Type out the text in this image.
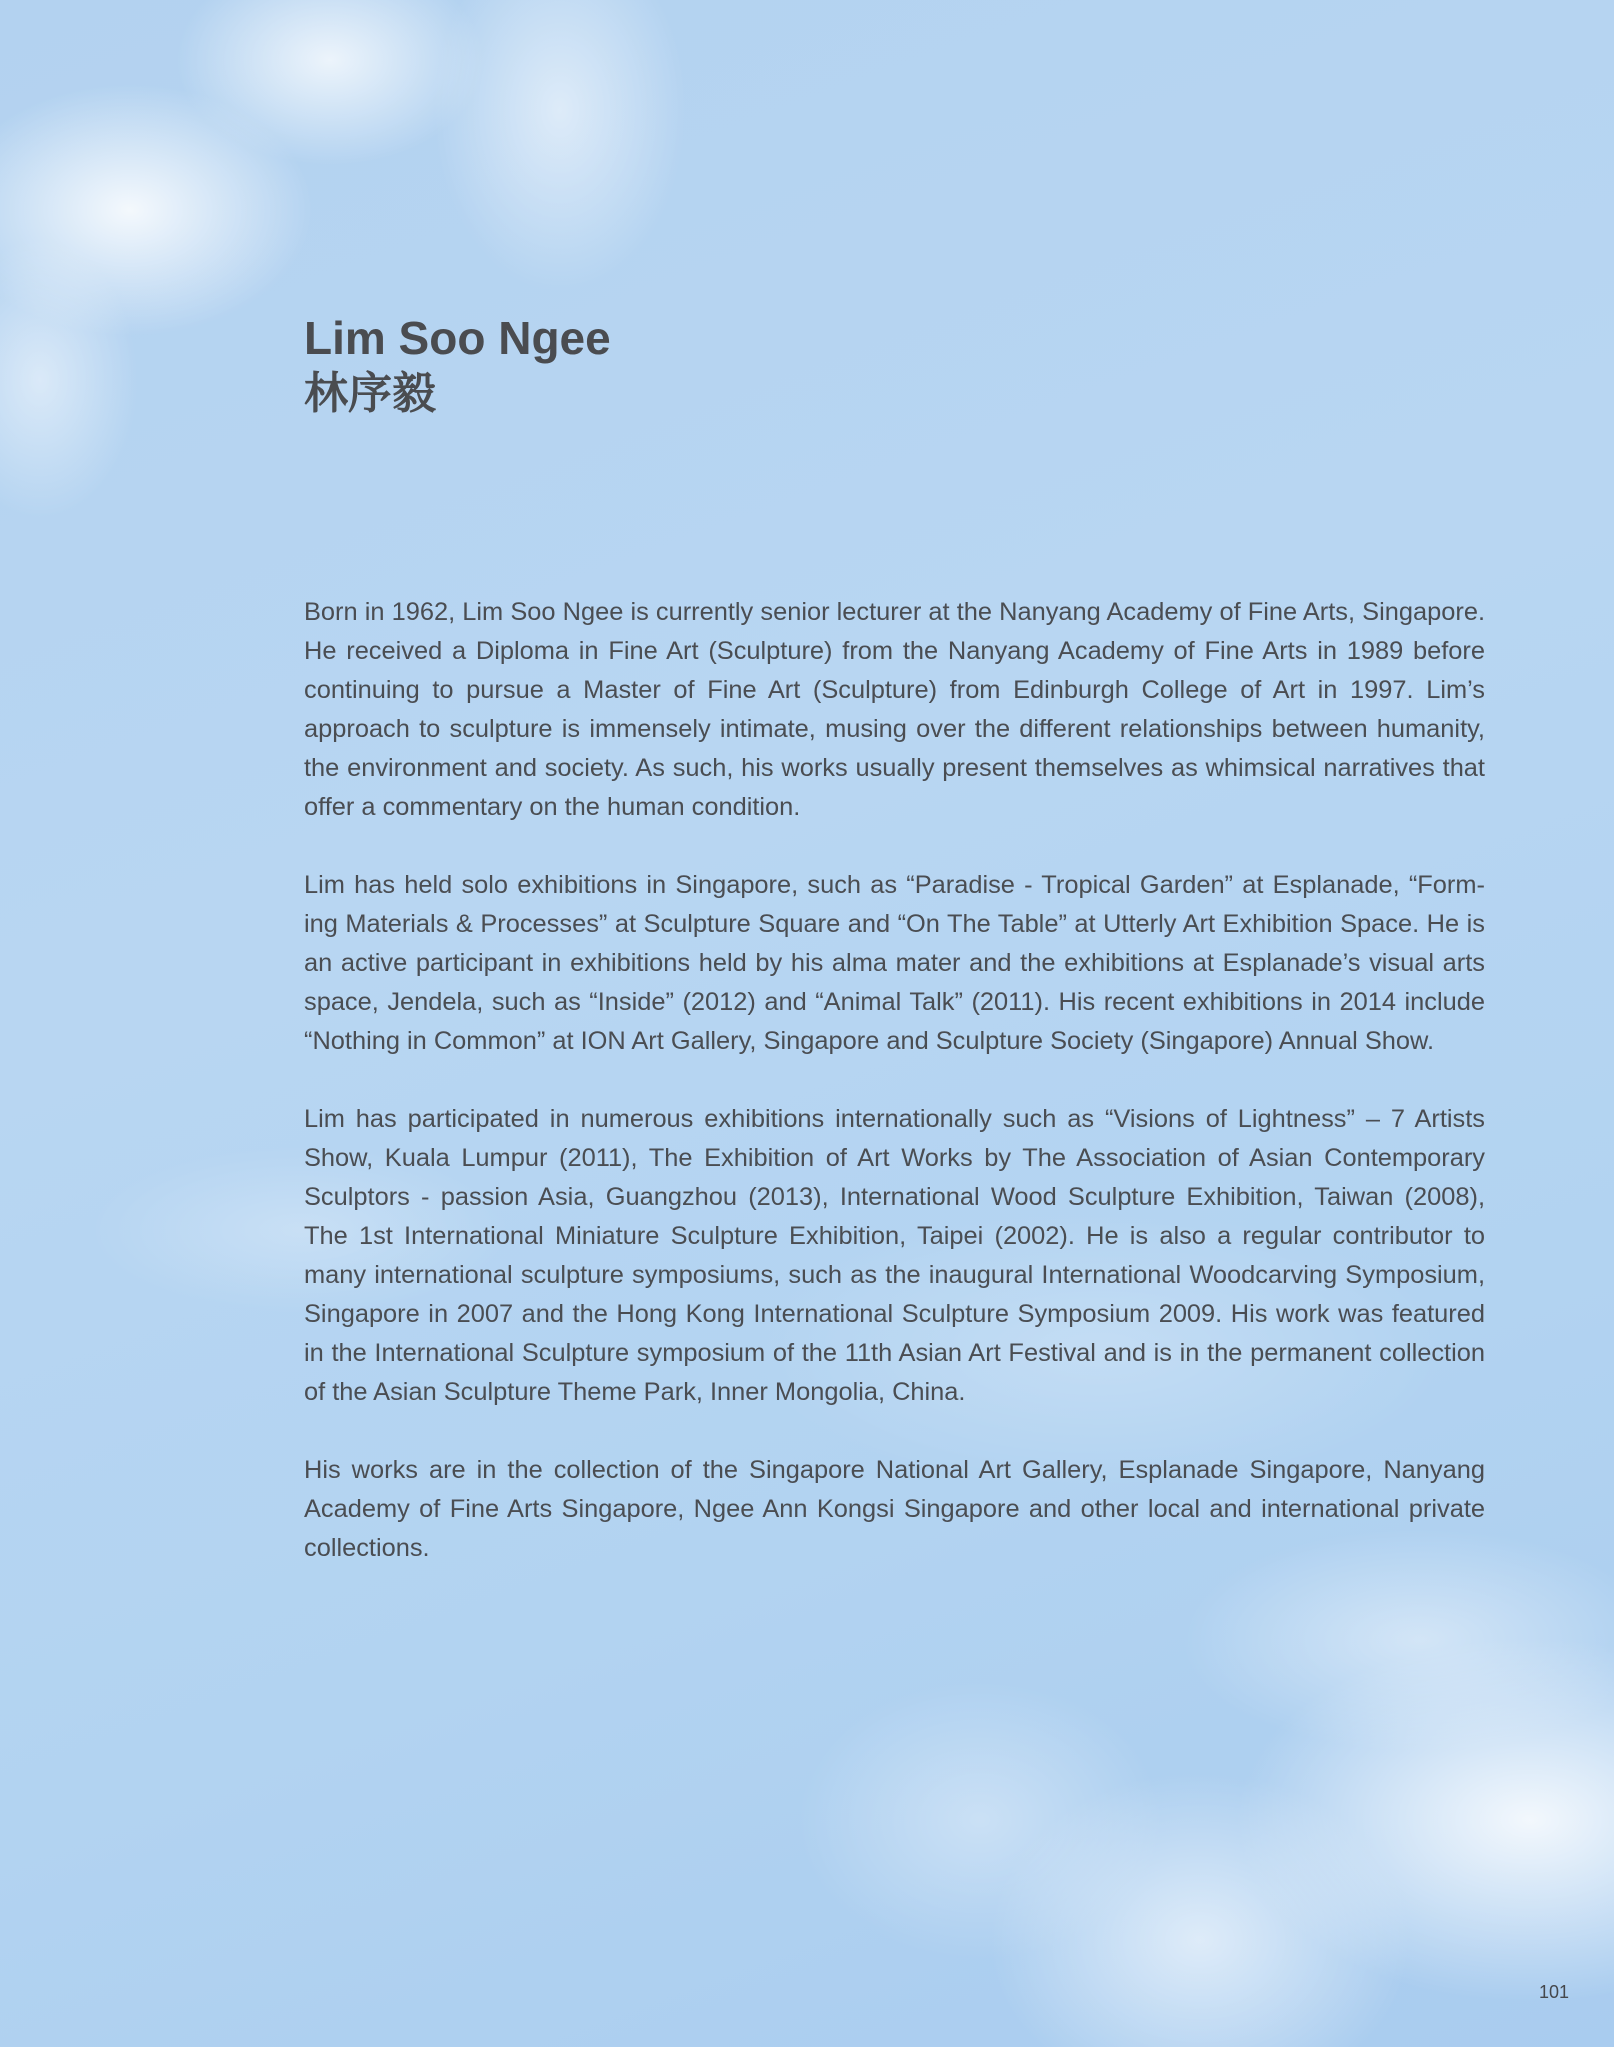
Lim Soo Ngee
林序毅

Born in 1962, Lim Soo Ngee is currently senior lecturer at the Nanyang Academy of Fine Arts, Singapore. He received a Diploma in Fine Art (Sculpture) from the Nanyang Academy of Fine Arts in 1989 before continuing to pursue a Master of Fine Art (Sculpture) from Edinburgh College of Art in 1997. Lim’s approach to sculpture is immensely intimate, musing over the different relationships between humanity, the environment and society. As such, his works usually present themselves as whimsical narratives that offer a commentary on the human condition.

Lim has held solo exhibitions in Singapore, such as “Paradise - Tropical Garden” at Esplanade, “Form-ing Materials & Processes” at Sculpture Square and “On The Table” at Utterly Art Exhibition Space. He is an active participant in exhibitions held by his alma mater and the exhibitions at Esplanade’s visual arts space, Jendela, such as “Inside” (2012) and “Animal Talk” (2011). His recent exhibitions in 2014 include “Nothing in Common” at ION Art Gallery, Singapore and Sculpture Society (Singapore) Annual Show.

Lim has participated in numerous exhibitions internationally such as “Visions of Lightness” – 7 Artists Show, Kuala Lumpur (2011), The Exhibition of Art Works by The Association of Asian Contemporary Sculptors - passion Asia, Guangzhou (2013), International Wood Sculpture Exhibition, Taiwan (2008), The 1st International Miniature Sculpture Exhibition, Taipei (2002). He is also a regular contributor to many international sculpture symposiums, such as the inaugural International Woodcarving Symposium, Singapore in 2007 and the Hong Kong International Sculpture Symposium 2009. His work was featured in the International Sculpture symposium of the 11th Asian Art Festival and is in the permanent collection of the Asian Sculpture Theme Park, Inner Mongolia, China.

His works are in the collection of the Singapore National Art Gallery, Esplanade Singapore, Nanyang Academy of Fine Arts Singapore, Ngee Ann Kongsi Singapore and other local and international private collections.

101
